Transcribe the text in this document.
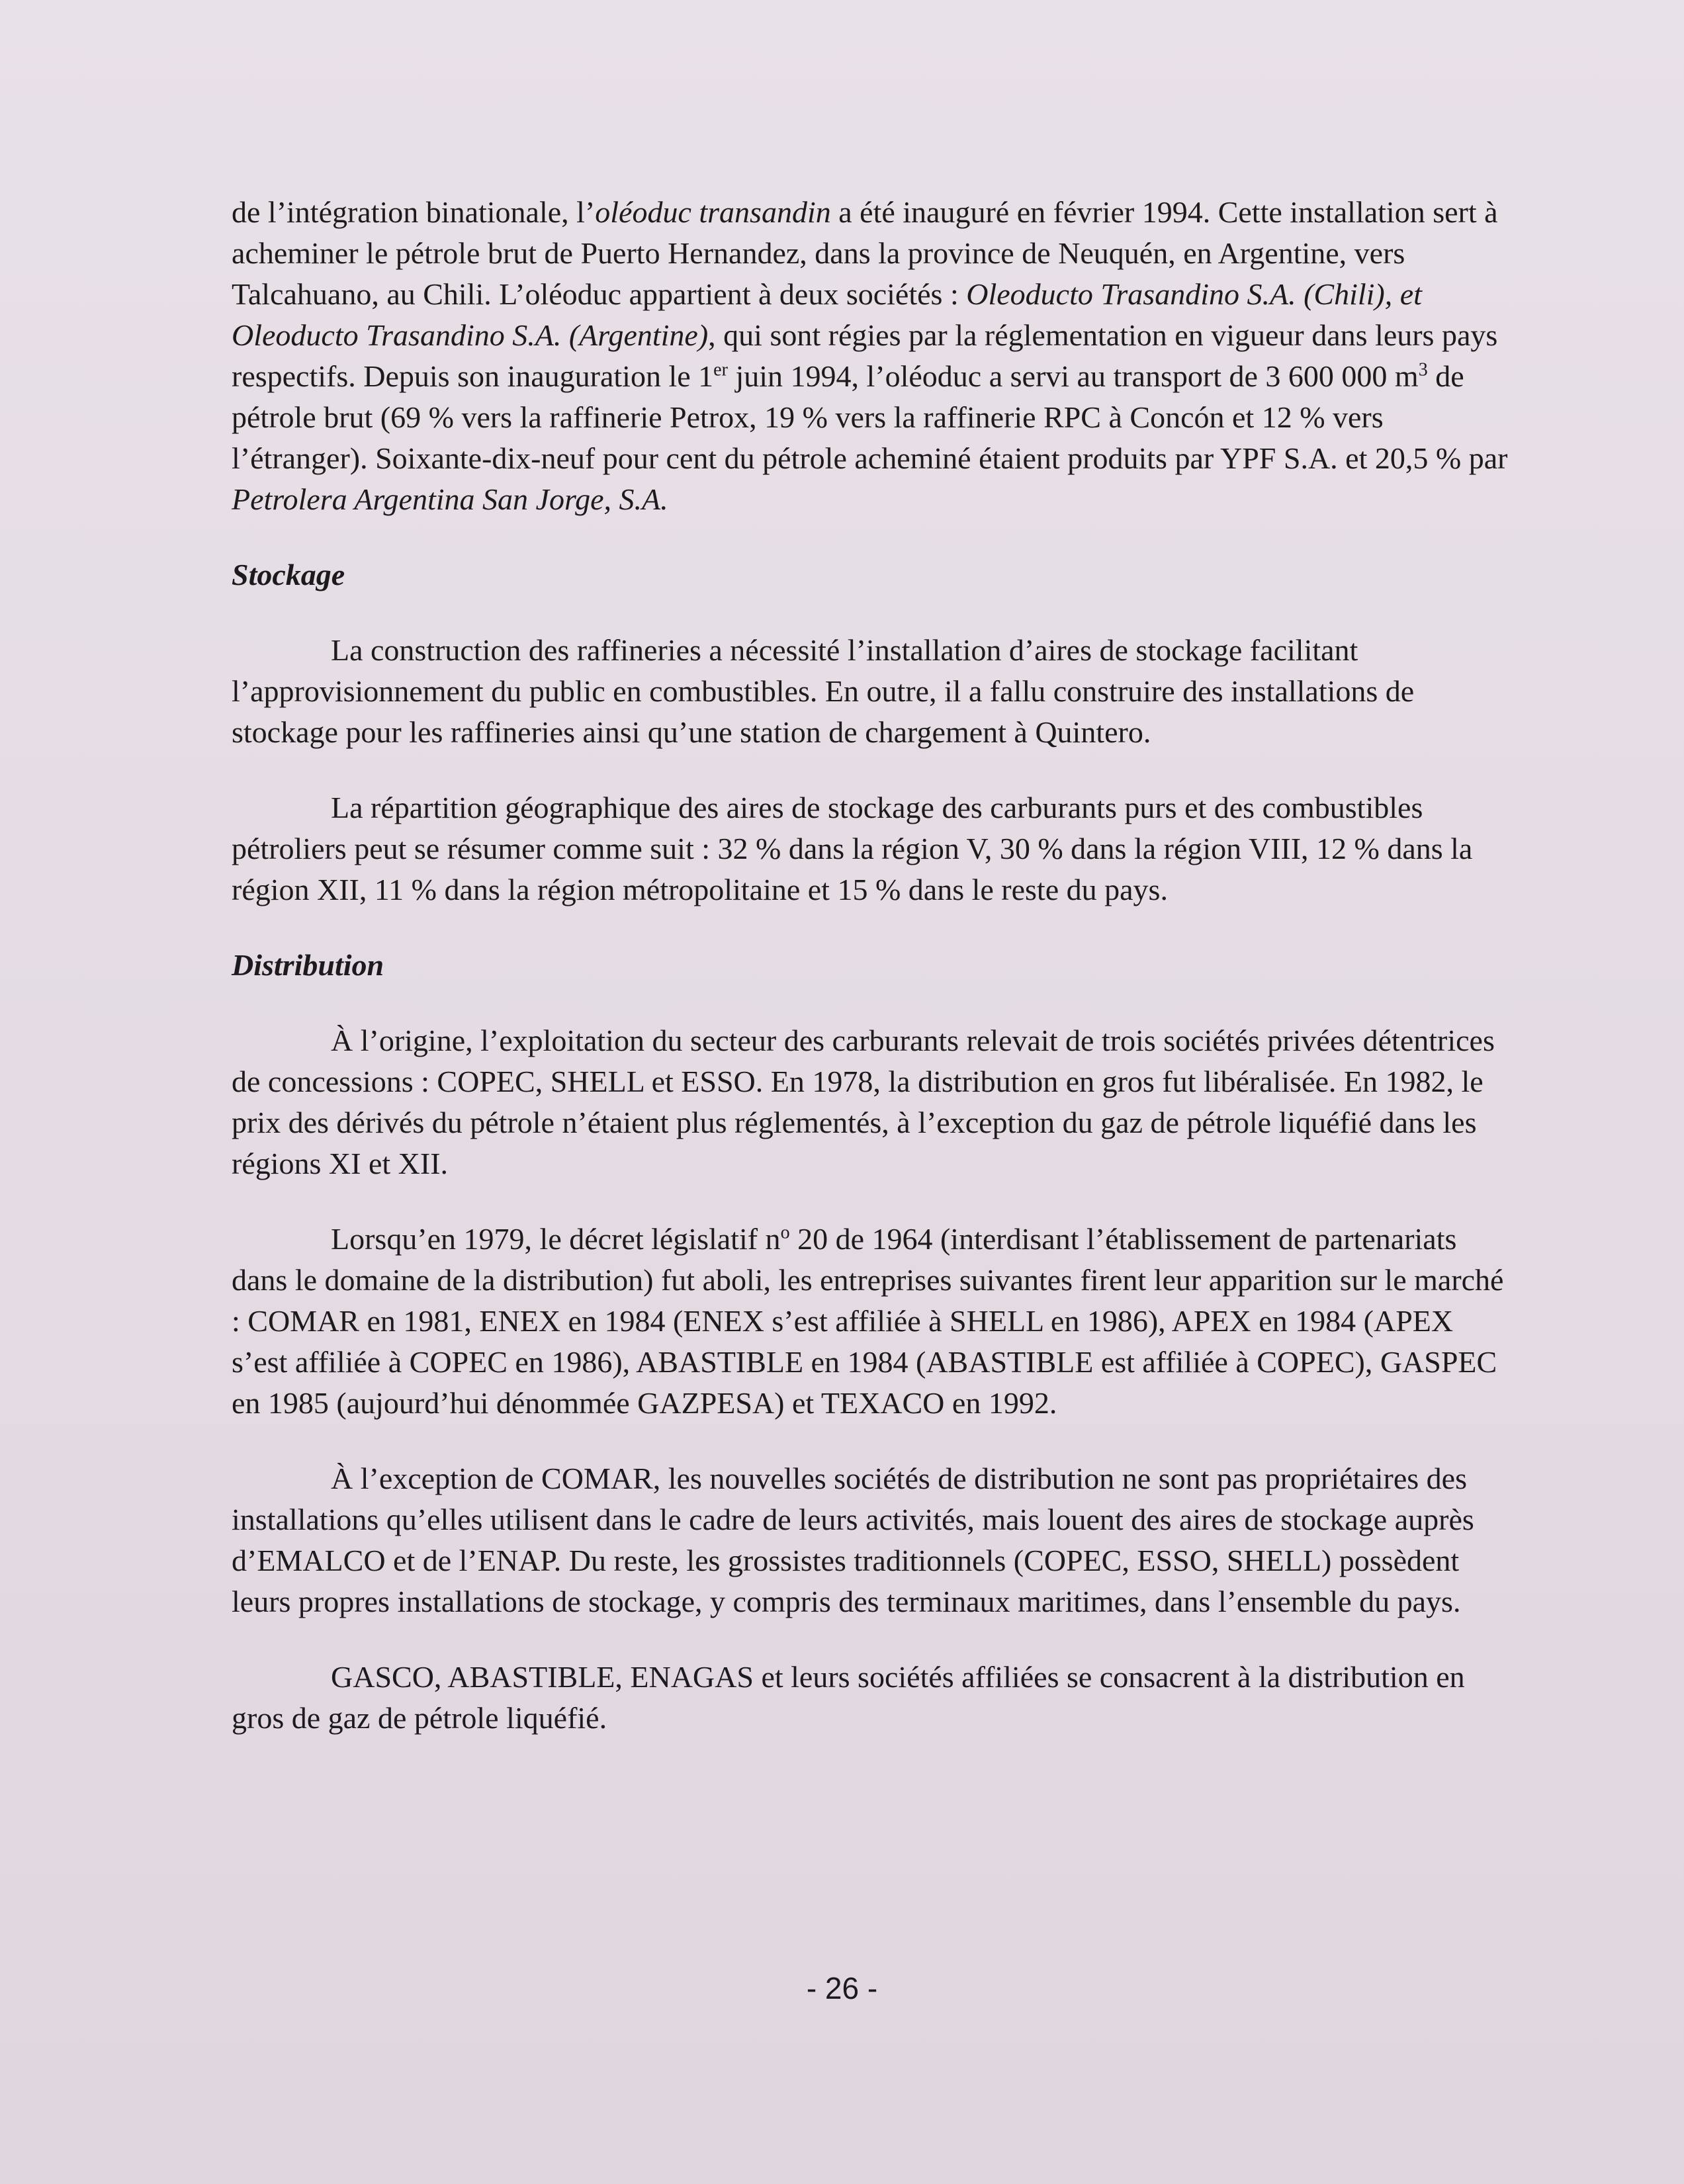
de l’intégration binationale, l’oléoduc transandin a été inauguré en février 1994. Cette installation sert à acheminer le pétrole brut de Puerto Hernandez, dans la province de Neuquén, en Argentine, vers Talcahuano, au Chili. L’oléoduc appartient à deux sociétés : Oleoducto Trasandino S.A. (Chili), et Oleoducto Trasandino S.A. (Argentine), qui sont régies par la réglementation en vigueur dans leurs pays respectifs. Depuis son inauguration le 1er juin 1994, l’oléoduc a servi au transport de 3 600 000 $m^3$ de pétrole brut (69 % vers la raffinerie Petrox, 19 % vers la raffinerie RPC à Concón et 12 % vers l’étranger). Soixante-dix-neuf pour cent du pétrole acheminé étaient produits par YPF S.A. et 20,5 % par Petrolera Argentina San Jorge, S.A.

Stockage

La construction des raffineries a nécessité l’installation d’aires de stockage facilitant l’approvisionnement du public en combustibles. En outre, il a fallu construire des installations de stockage pour les raffineries ainsi qu’une station de chargement à Quintero.

La répartition géographique des aires de stockage des carburants purs et des combustibles pétroliers peut se résumer comme suit : 32 % dans la région V, 30 % dans la région VIII, 12 % dans la région XII, 11 % dans la région métropolitaine et 15 % dans le reste du pays.

Distribution

À l’origine, l’exploitation du secteur des carburants relevait de trois sociétés privées détentrices de concessions : COPEC, SHELL et ESSO. En 1978, la distribution en gros fut libéralisée. En 1982, le prix des dérivés du pétrole n’étaient plus réglementés, à l’exception du gaz de pétrole liquéfié dans les régions XI et XII.

Lorsqu’en 1979, le décret législatif $n^o$ 20 de 1964 (interdisant l’établissement de partenariats dans le domaine de la distribution) fut aboli, les entreprises suivantes firent leur apparition sur le marché : COMAR en 1981, ENEX en 1984 (ENEX s’est affiliée à SHELL en 1986), APEX en 1984 (APEX s’est affiliée à COPEC en 1986), ABASTIBLE en 1984 (ABASTIBLE est affiliée à COPEC), GASPEC en 1985 (aujourd’hui dénommée GAZPESA) et TEXACO en 1992.

À l’exception de COMAR, les nouvelles sociétés de distribution ne sont pas propriétaires des installations qu’elles utilisent dans le cadre de leurs activités, mais louent des aires de stockage auprès d’EMALCO et de l’ENAP. Du reste, les grossistes traditionnels (COPEC, ESSO, SHELL) possèdent leurs propres installations de stockage, y compris des terminaux maritimes, dans l’ensemble du pays.

GASCO, ABASTIBLE, ENAGAS et leurs sociétés affiliées se consacrent à la distribution en gros de gaz de pétrole liquéfié.

- 26 -
